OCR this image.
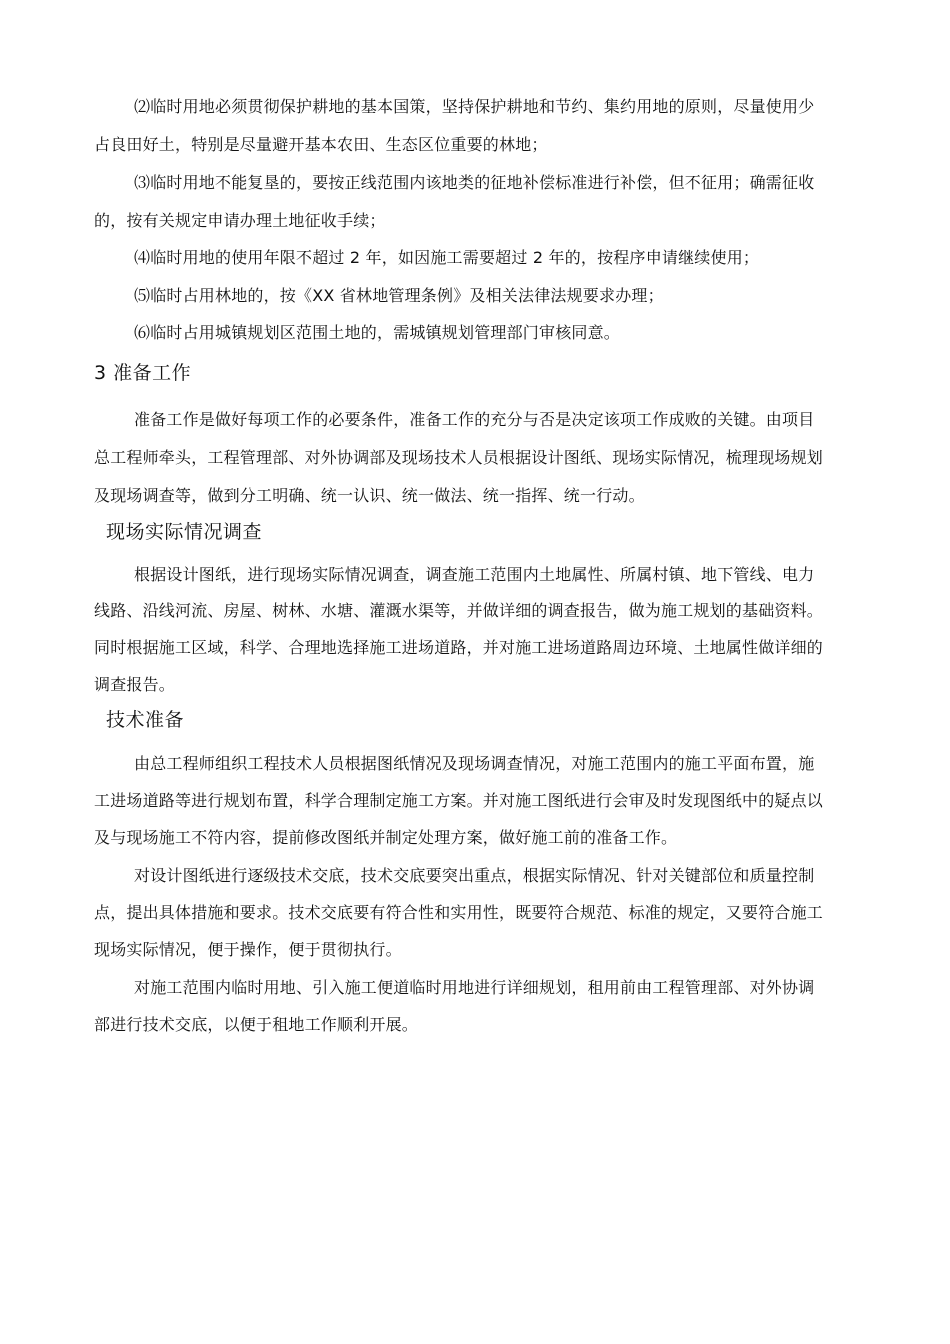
⑵临时用地必须贯彻保护耕地的基本国策，坚持保护耕地和节约、集约用地的原则，尽量使用少
占良田好土，特别是尽量避开基本农田、生态区位重要的林地；
⑶临时用地不能复垦的，要按正线范围内该地类的征地补偿标准进行补偿，但不征用；确需征收
的，按有关规定申请办理土地征收手续；
⑷临时用地的使用年限不超过 2 年，如因施工需要超过 2 年的，按程序申请继续使用；
⑸临时占用林地的，按《XX 省林地管理条例》及相关法律法规要求办理；
⑹临时占用城镇规划区范围土地的，需城镇规划管理部门审核同意。
3 准备工作
准备工作是做好每项工作的必要条件，准备工作的充分与否是决定该项工作成败的关键。由项目
总工程师牵头，工程管理部、对外协调部及现场技术人员根据设计图纸、现场实际情况，梳理现场规划
及现场调查等，做到分工明确、统一认识、统一做法、统一指挥、统一行动。
现场实际情况调查
根据设计图纸，进行现场实际情况调查，调查施工范围内土地属性、所属村镇、地下管线、电力
线路、沿线河流、房屋、树林、水塘、灌溉水渠等，并做详细的调查报告，做为施工规划的基础资料。
同时根据施工区域，科学、合理地选择施工进场道路，并对施工进场道路周边环境、土地属性做详细的
调查报告。
技术准备
由总工程师组织工程技术人员根据图纸情况及现场调查情况，对施工范围内的施工平面布置，施
工进场道路等进行规划布置，科学合理制定施工方案。并对施工图纸进行会审及时发现图纸中的疑点以
及与现场施工不符内容，提前修改图纸并制定处理方案，做好施工前的准备工作。
对设计图纸进行逐级技术交底，技术交底要突出重点，根据实际情况、针对关键部位和质量控制
点，提出具体措施和要求。技术交底要有符合性和实用性，既要符合规范、标准的规定，又要符合施工
现场实际情况，便于操作，便于贯彻执行。
对施工范围内临时用地、引入施工便道临时用地进行详细规划，租用前由工程管理部、对外协调
部进行技术交底，以便于租地工作顺利开展。
